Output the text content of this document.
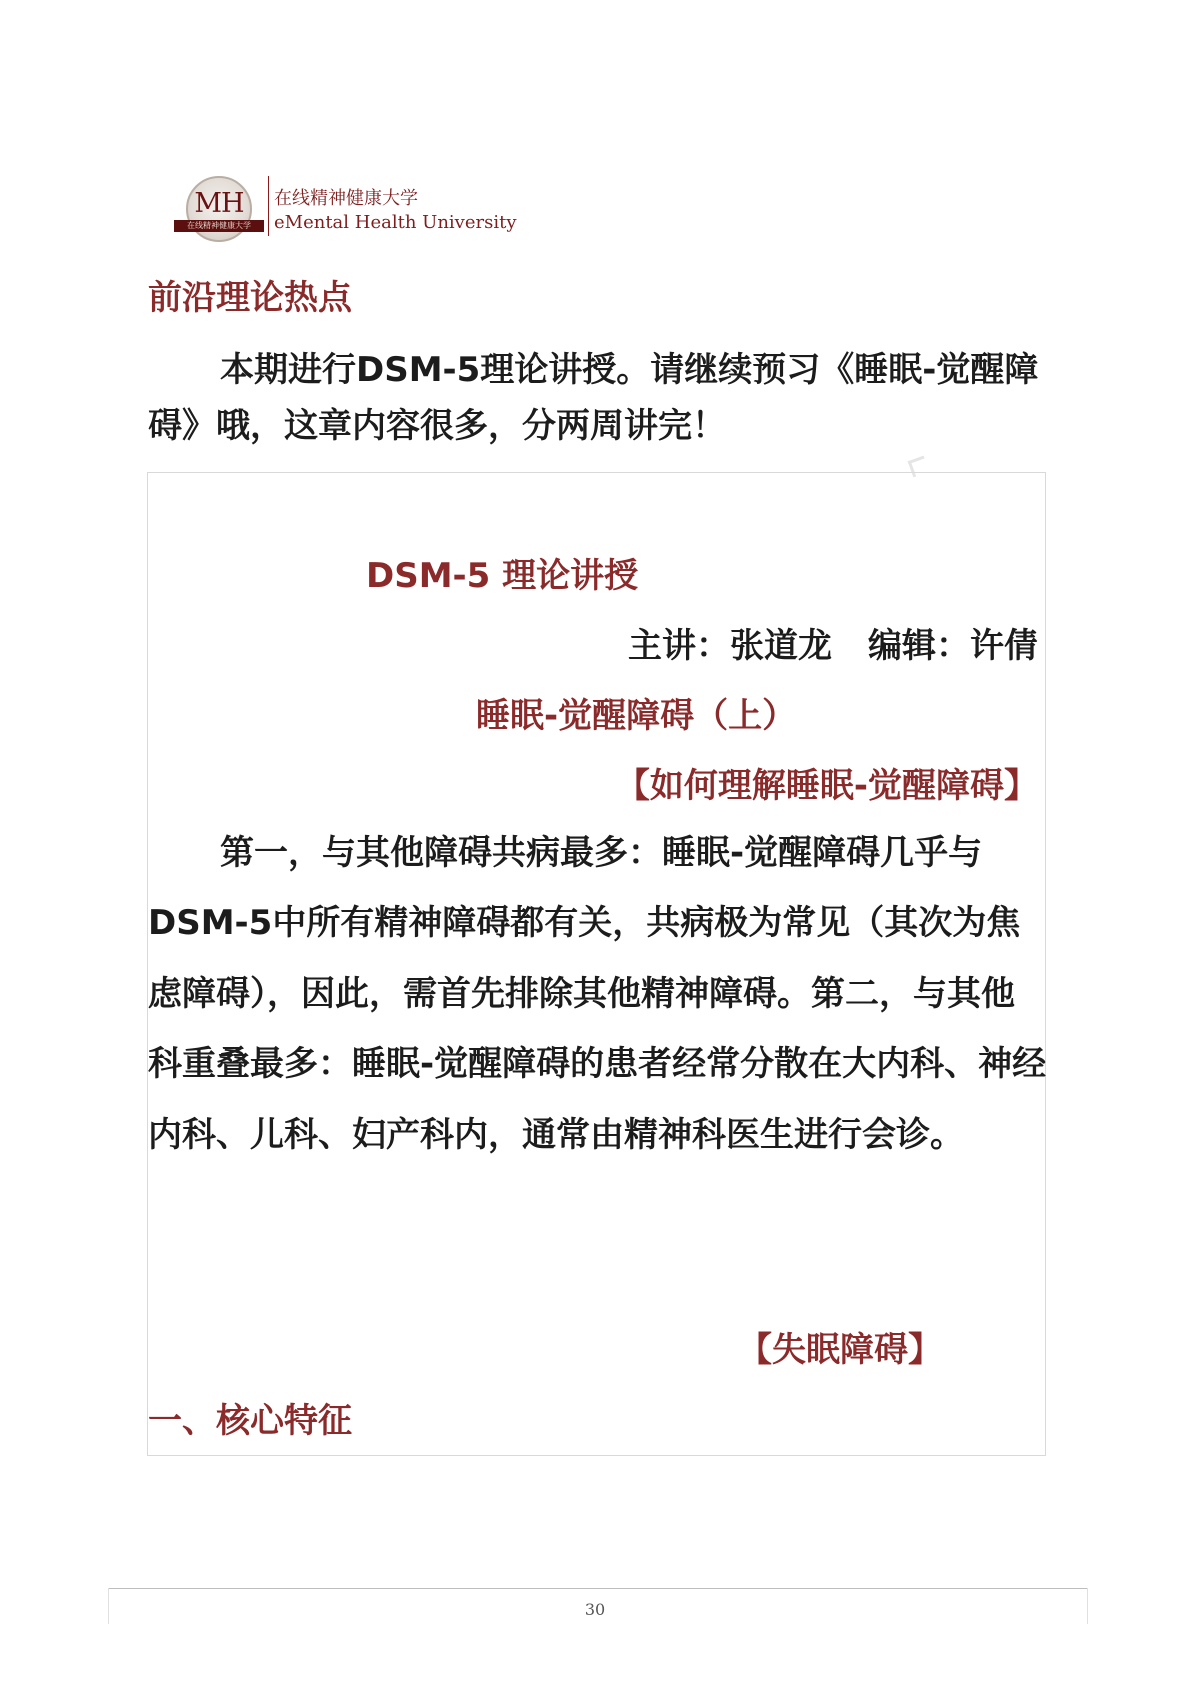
MH
在线精神健康大学
在线精神健康大学
eMental Health University
前沿理论热点

本期进行DSM-5理论讲授。请继续预习《睡眠-觉醒障碍》哦，这章内容很多，分两周讲完！

DSM-5 理论讲授
主讲：张道龙 编辑：许倩
睡眠-觉醒障碍（上）
【如何理解睡眠-觉醒障碍】

第一，与其他障碍共病最多：睡眠-觉醒障碍几乎与DSM-5中所有精神障碍都有关，共病极为常见（其次为焦虑障碍），因此，需首先排除其他精神障碍。第二，与其他科重叠最多：睡眠-觉醒障碍的患者经常分散在大内科、神经内科、儿科、妇产科内，通常由精神科医生进行会诊。

【失眠障碍】
一、核心特征
30
